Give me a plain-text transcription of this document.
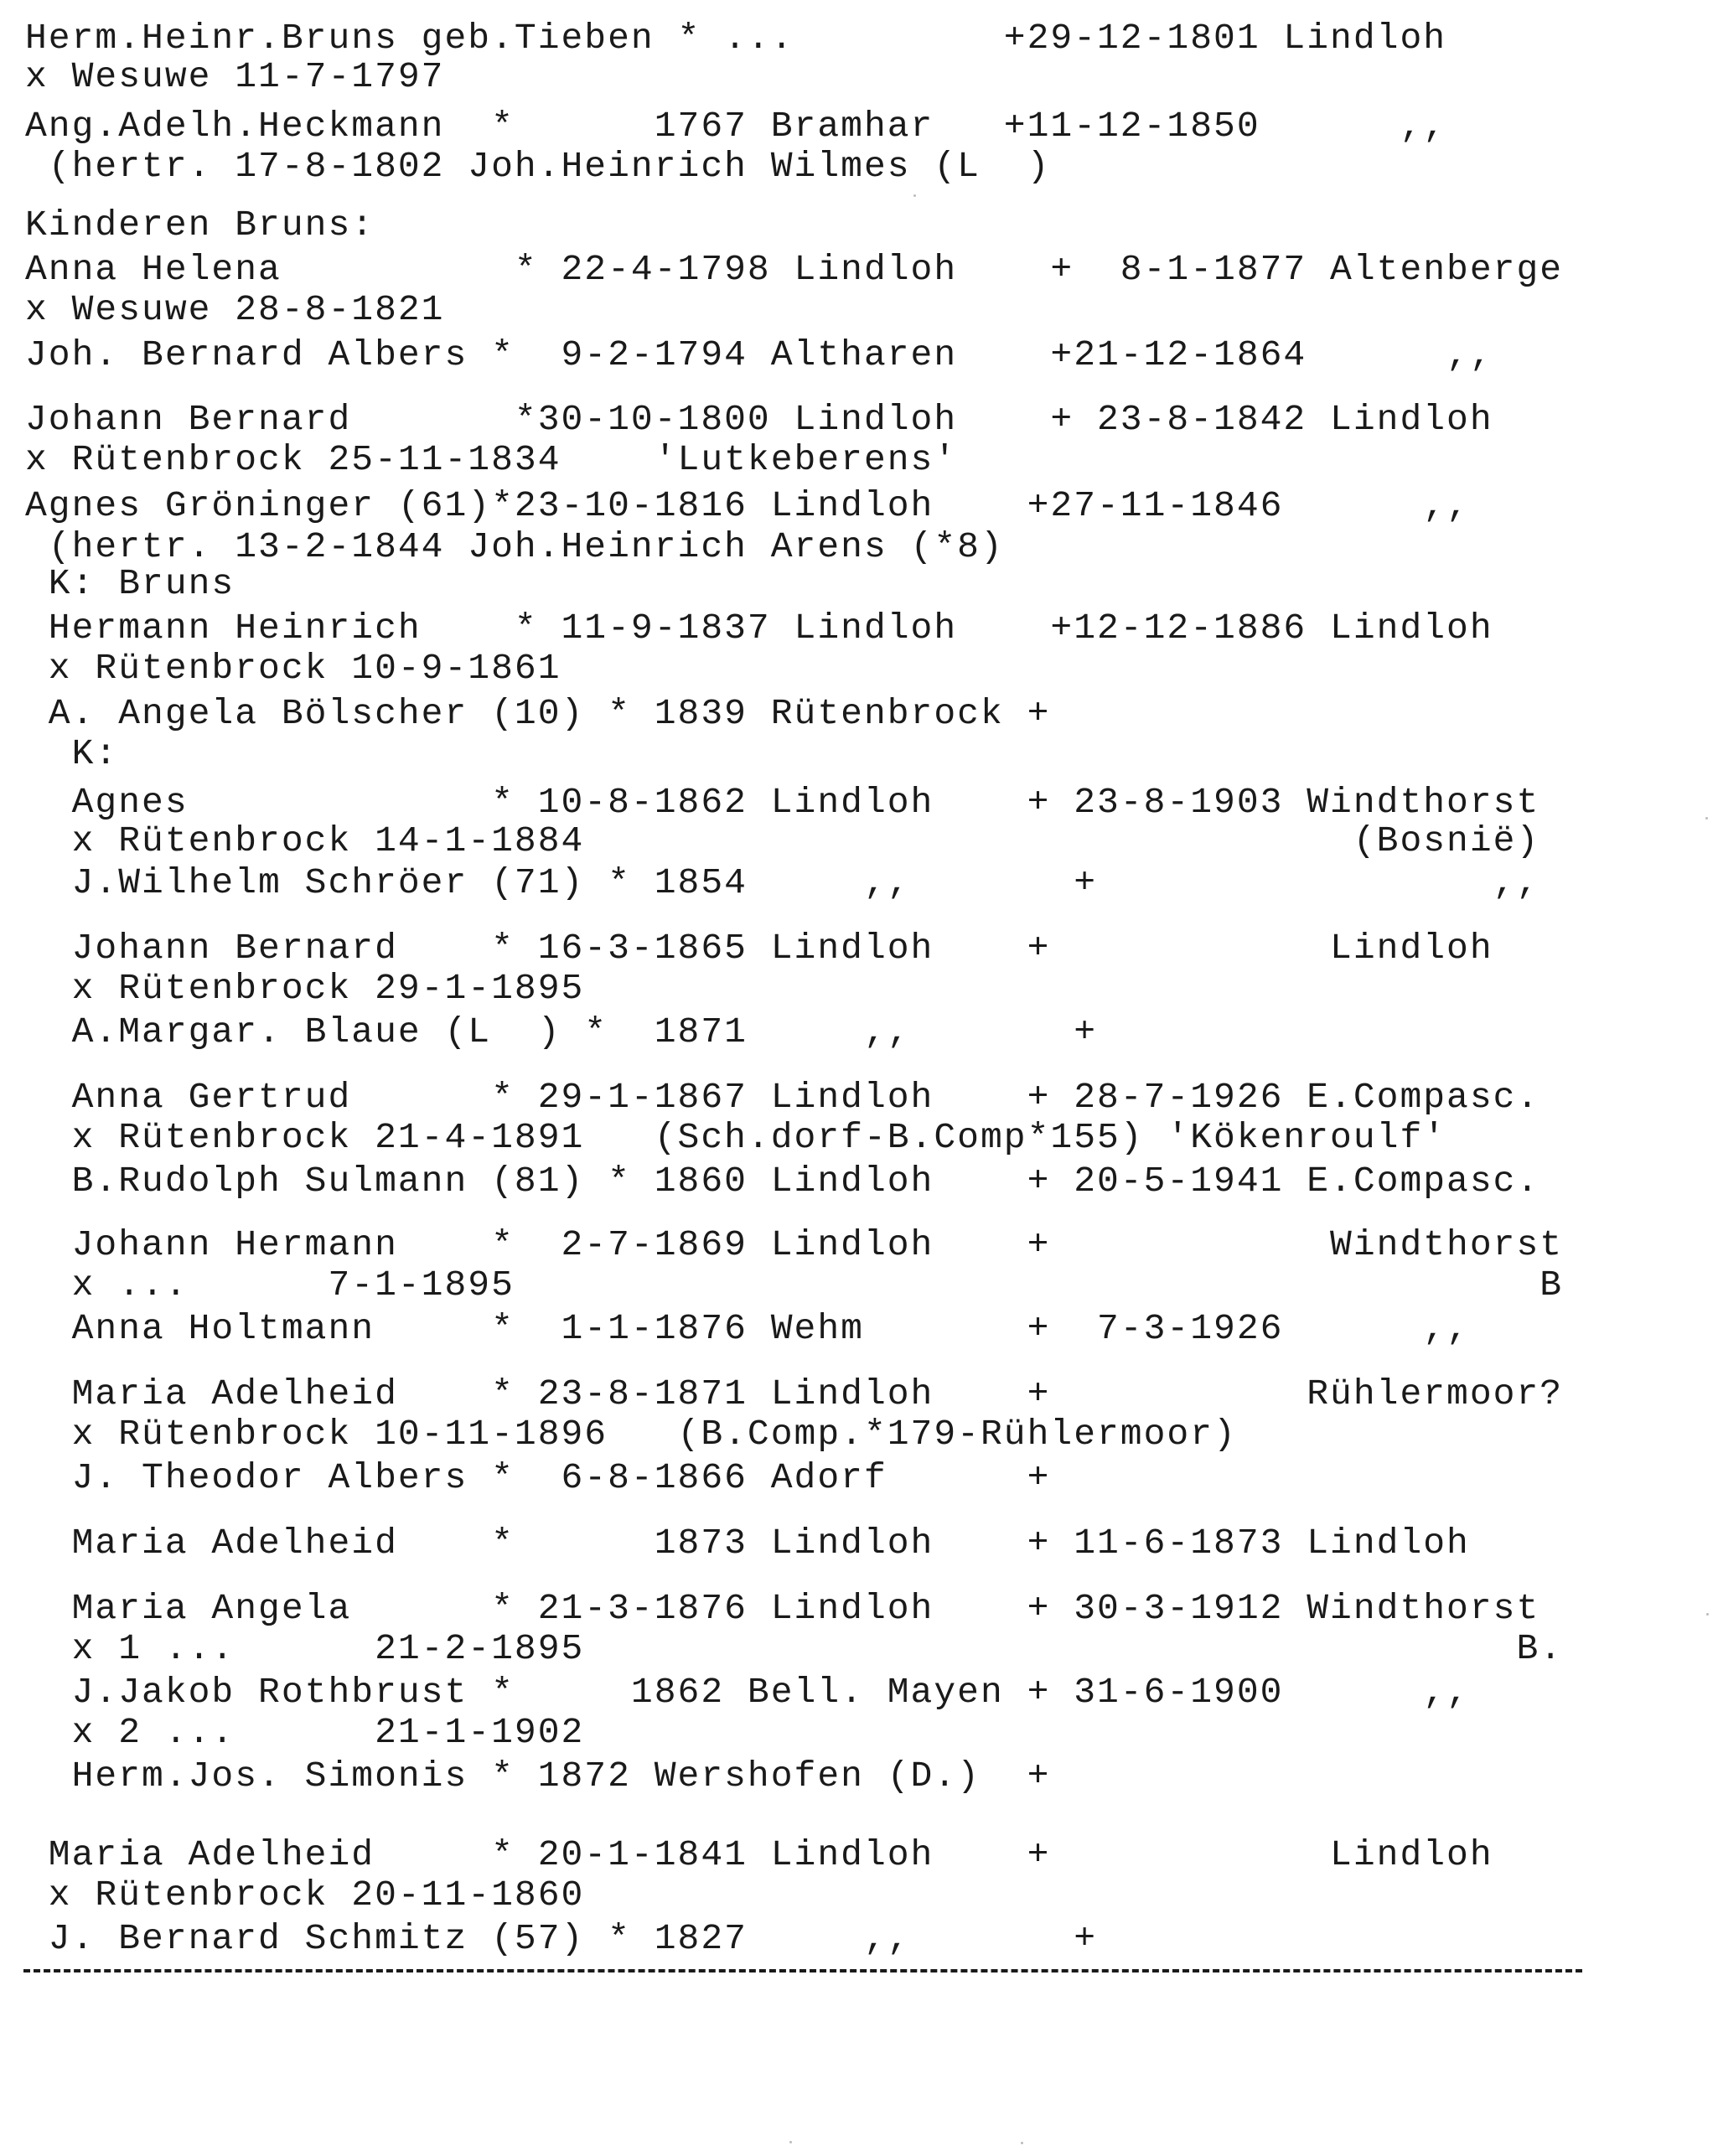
Herm.Heinr.Bruns geb.Tieben * ...         +29-12-1801 Lindloh
x Wesuwe 11-7-1797
Ang.Adelh.Heckmann  *      1767 Bramhar   +11-12-1850      ,,
(hertr. 17-8-1802 Joh.Heinrich Wilmes (L  )
Kinderen Bruns:
Anna Helena          * 22-4-1798 Lindloh    +  8-1-1877 Altenberge
x Wesuwe 28-8-1821
Joh. Bernard Albers *  9-2-1794 Altharen    +21-12-1864      ,,
Johann Bernard       *30-10-1800 Lindloh    + 23-8-1842 Lindloh
x Rütenbrock 25-11-1834    'Lutkeberens'
Agnes Gröninger (61)*23-10-1816 Lindloh    +27-11-1846      ,,
(hertr. 13-2-1844 Joh.Heinrich Arens (*8)
K: Bruns
Hermann Heinrich    * 11-9-1837 Lindloh    +12-12-1886 Lindloh
x Rütenbrock 10-9-1861
A. Angela Bölscher (10) * 1839 Rütenbrock +
K:
Agnes             * 10-8-1862 Lindloh    + 23-8-1903 Windthorst
x Rütenbrock 14-1-1884                                 (Bosnië)
J.Wilhelm Schröer (71) * 1854     ,,       +                 ,,
Johann Bernard    * 16-3-1865 Lindloh    +            Lindloh
x Rütenbrock 29-1-1895
A.Margar. Blaue (L  ) *  1871     ,,       +
Anna Gertrud      * 29-1-1867 Lindloh    + 28-7-1926 E.Compasc.
x Rütenbrock 21-4-1891   (Sch.dorf-B.Comp*155) 'Kökenroulf'
B.Rudolph Sulmann (81) * 1860 Lindloh    + 20-5-1941 E.Compasc.
Johann Hermann    *  2-7-1869 Lindloh    +            Windthorst
x ...      7-1-1895                                            B
Anna Holtmann     *  1-1-1876 Wehm       +  7-3-1926      ,,
Maria Adelheid    * 23-8-1871 Lindloh    +           Rühlermoor?
x Rütenbrock 10-11-1896   (B.Comp.*179-Rühlermoor)
J. Theodor Albers *  6-8-1866 Adorf      +
Maria Adelheid    *      1873 Lindloh    + 11-6-1873 Lindloh
Maria Angela      * 21-3-1876 Lindloh    + 30-3-1912 Windthorst
x 1 ...      21-2-1895                                        B.
J.Jakob Rothbrust *     1862 Bell. Mayen + 31-6-1900      ,,
x 2 ...      21-1-1902
Herm.Jos. Simonis * 1872 Wershofen (D.)  +
Maria Adelheid     * 20-1-1841 Lindloh    +            Lindloh
x Rütenbrock 20-11-1860
J. Bernard Schmitz (57) * 1827     ,,       +
